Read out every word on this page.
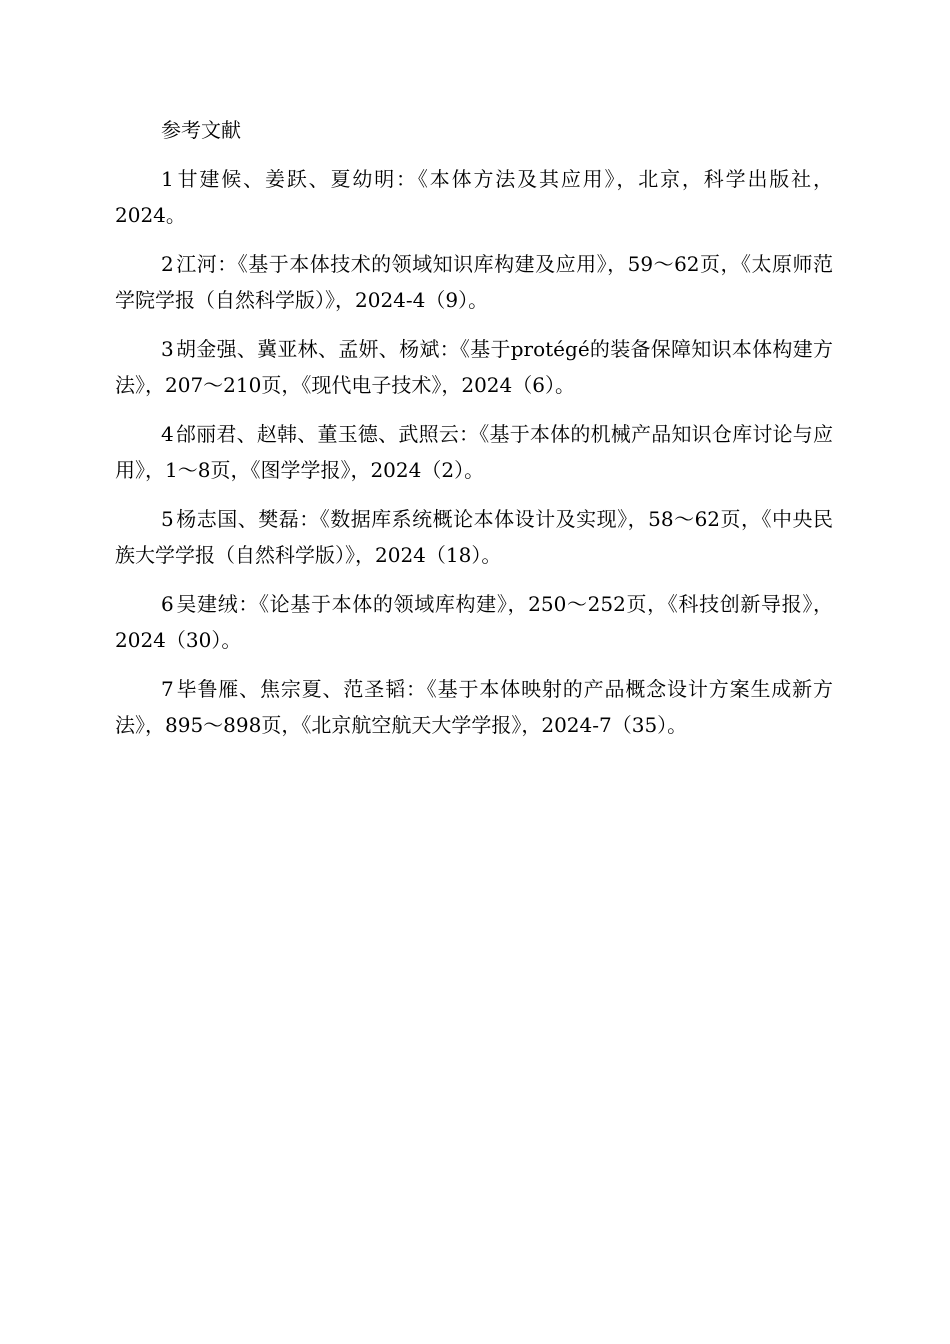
参考文献
1 甘建候、姜跃、夏幼明：《本体方法及其应用》，北京，科学出版社，2024。
2 江河：《基于本体技术的领域知识库构建及应用》，59～62页，《太原师范学院学报（自然科学版）》，2024-4（9）。
3 胡金强、冀亚林、孟妍、杨斌：《基于protégé的装备保障知识本体构建方法》，207～210页，《现代电子技术》，2024（6）。
4 邰丽君、赵韩、董玉德、武照云：《基于本体的机械产品知识仓库讨论与应用》，1～8页，《图学学报》，2024（2）。
5 杨志国、樊磊：《数据库系统概论本体设计及实现》，58～62页，《中央民族大学学报（自然科学版）》，2024（18）。
6 吴建绒：《论基于本体的领域库构建》，250～252页，《科技创新导报》，2024（30）。
7 毕鲁雁、焦宗夏、范圣韬：《基于本体映射的产品概念设计方案生成新方法》，895～898页，《北京航空航天大学学报》，2024-7（35）。
